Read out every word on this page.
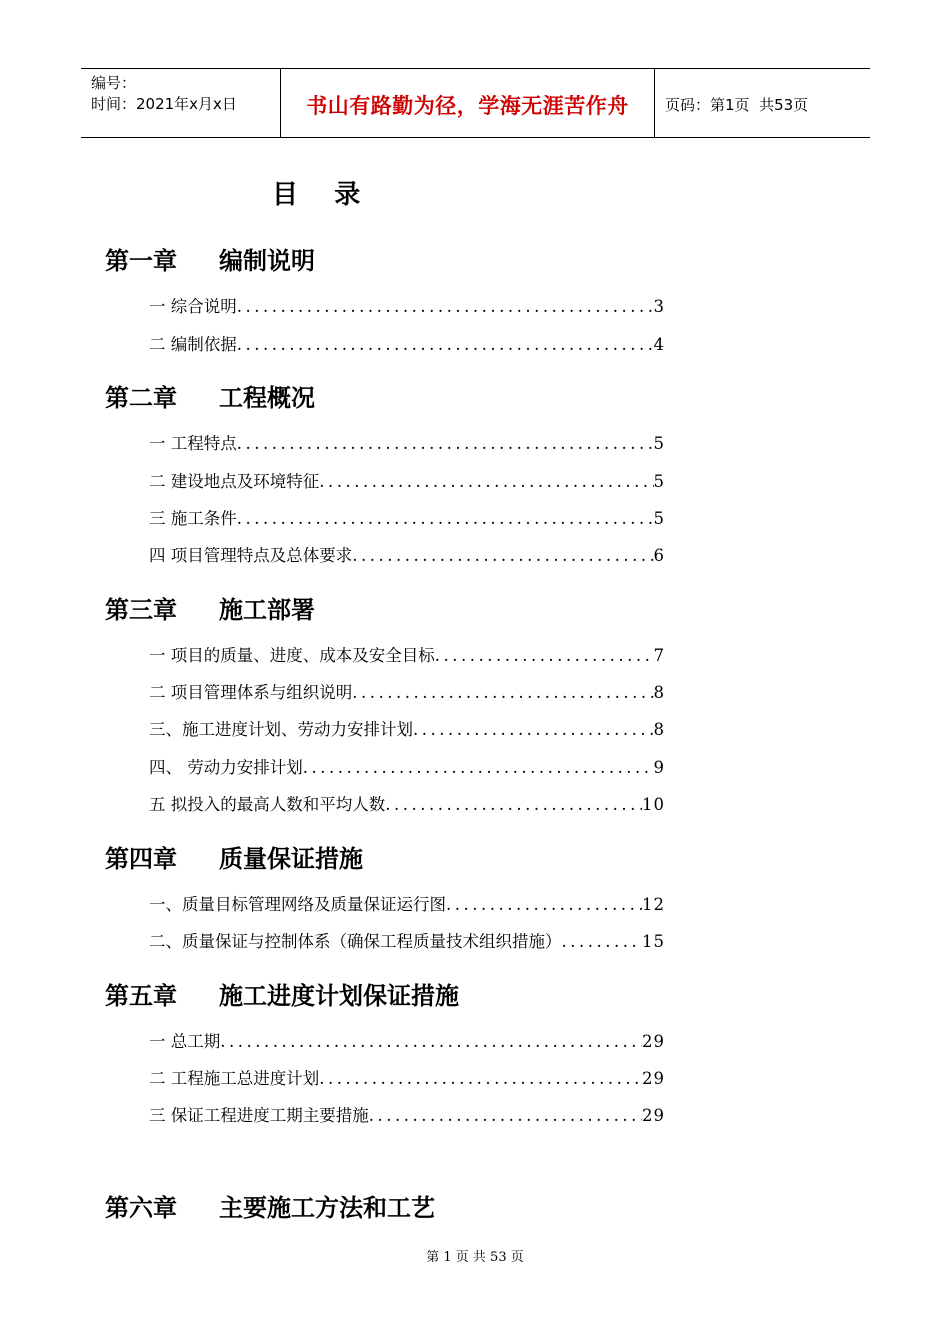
编号：
时间：2021年x月x日	书山有路勤为径，学海无涯苦作舟	页码：第1页  共53页
目    录
第一章 编制说明
一 综合说明 .....	3
二 编制依据 .....	4
第二章 工程概况
一 工程特点 .....	5
二 建设地点及环境特征 .....	5
三 施工条件 .....	5
四 项目管理特点及总体要求 .....	6
第三章 施工部署
一 项目的质量、进度、成本及安全目标 .....	7
二 项目管理体系与组织说明 .....	8
三、施工进度计划、劳动力安排计划 .....	8
四、 劳动力安排计划 .....	9
五 拟投入的最高人数和平均人数 .....	10
第四章 质量保证措施
一、质量目标管理网络及质量保证运行图 .....	12
二、质量保证与控制体系（确保工程质量技术组织措施） .....	15
第五章 施工进度计划保证措施
一 总工期 .....	29
二 工程施工总进度计划 .....	29
三 保证工程进度工期主要措施 .....	29
第六章 主要施工方法和工艺
第 1 页 共 53 页
